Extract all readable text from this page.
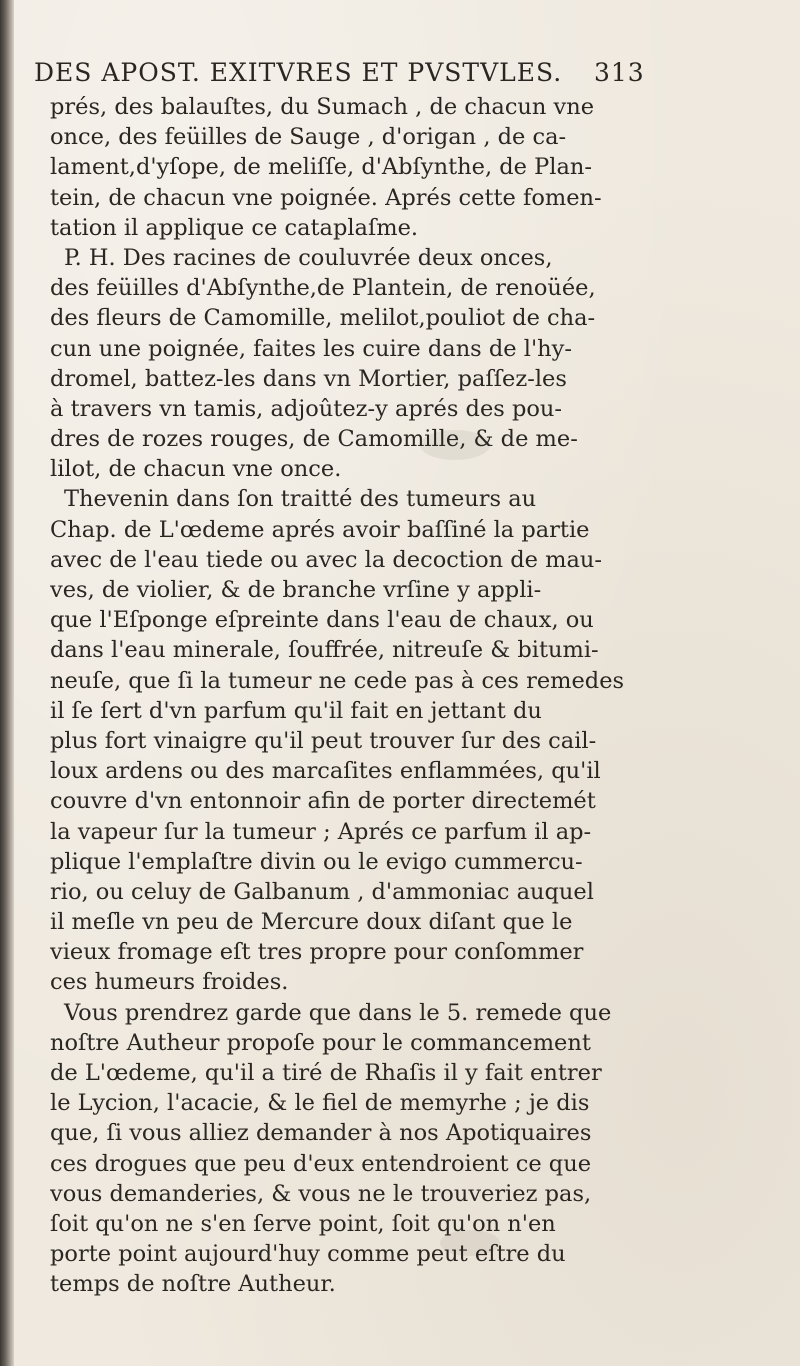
DES APOST. EXITVRES ET PVSTVLES. 313
prés, des balauſtes, du Sumach , de chacun vne
once, des feüilles de Sauge , d'origan , de ca-
lament,d'yſope, de meliſſe, d'Abſynthe, de Plan-
tein, de chacun vne poignée. Aprés cette fomen-
tation il applique ce cataplaſme.
P. H. Des racines de couluvrée deux onces,
des feüilles d'Abſynthe,de Plantein, de renoüée,
des fleurs de Camomille, melilot,pouliot de cha-
cun une poignée, faites les cuire dans de l'hy-
dromel, battez-les dans vn Mortier, paſſez-les
à travers vn tamis, adjoûtez-y aprés des pou-
dres de rozes rouges, de Camomille, & de me-
lilot, de chacun vne once.
Thevenin dans ſon traitté des tumeurs au
Chap. de L'œdeme aprés avoir baſſiné la partie
avec de l'eau tiede ou avec la decoction de mau-
ves, de violier, & de branche vrſine y appli-
que l'Eſponge eſpreinte dans l'eau de chaux, ou
dans l'eau minerale, ſouffrée, nitreuſe & bitumi-
neuſe, que ſi la tumeur ne cede pas à ces remedes
il ſe ſert d'vn parfum qu'il fait en jettant du
plus fort vinaigre qu'il peut trouver ſur des cail-
loux ardens ou des marcaſites enflammées, qu'il
couvre d'vn entonnoir afin de porter directemét
la vapeur ſur la tumeur ; Aprés ce parfum il ap-
plique l'emplaſtre divin ou le evigo cummercu-
rio, ou celuy de Galbanum , d'ammoniac auquel
il meſle vn peu de Mercure doux diſant que le
vieux fromage eſt tres propre pour conſommer
ces humeurs froides.
Vous prendrez garde que dans le 5. remede que
noſtre Autheur propoſe pour le commancement
de L'œdeme, qu'il a tiré de Rhaſis il y fait entrer
le Lycion, l'acacie, & le fiel de memyrhe ; je dis
que, ſi vous alliez demander à nos Apotiquaires
ces drogues que peu d'eux entendroient ce que
vous demanderies, & vous ne le trouveriez pas,
ſoit qu'on ne s'en ſerve point, ſoit qu'on n'en
porte point aujourd'huy comme peut eſtre du
temps de noſtre Autheur.
